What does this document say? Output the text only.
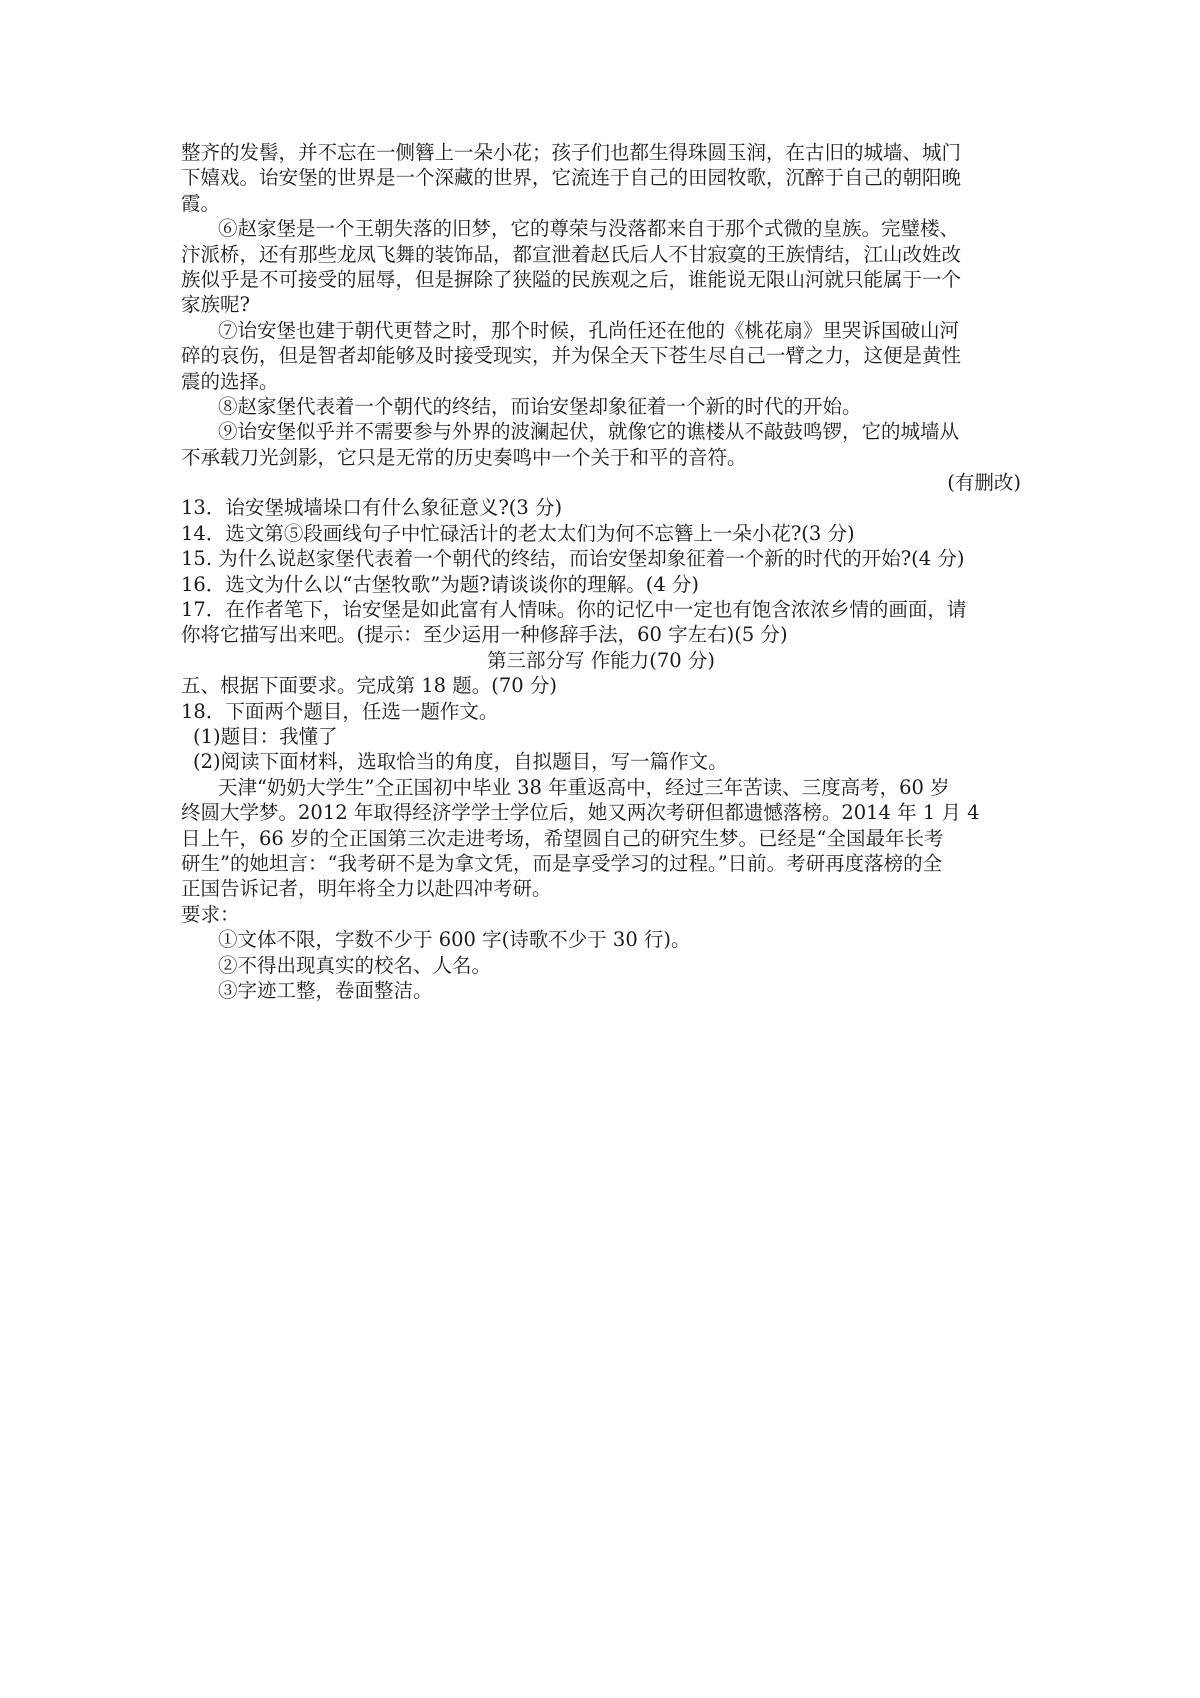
整齐的发髻，并不忘在一侧簪上一朵小花；孩子们也都生得珠圆玉润，在古旧的城墙、城门
下嬉戏。诒安堡的世界是一个深藏的世界，它流连于自己的田园牧歌，沉醉于自己的朝阳晚
霞。
⑥赵家堡是一个王朝失落的旧梦，它的尊荣与没落都来自于那个式微的皇族。完璧楼、
汴派桥，还有那些龙凤飞舞的装饰品，都宣泄着赵氏后人不甘寂寞的王族情结，江山改姓改
族似乎是不可接受的屈辱，但是摒除了狭隘的民族观之后，谁能说无限山河就只能属于一个
家族呢?
⑦诒安堡也建于朝代更替之时，那个时候，孔尚任还在他的《桃花扇》里哭诉国破山河
碎的哀伤，但是智者却能够及时接受现实，并为保全天下苍生尽自己一臂之力，这便是黄性
震的选择。
⑧赵家堡代表着一个朝代的终结，而诒安堡却象征着一个新的时代的开始。
⑨诒安堡似乎并不需要参与外界的波澜起伏，就像它的谯楼从不敲鼓鸣锣，它的城墙从
不承载刀光剑影，它只是无常的历史奏鸣中一个关于和平的音符。
(有删改)
13．诒安堡城墙垛口有什么象征意义?(3 分)
14．选文第⑤段画线句子中忙碌活计的老太太们为何不忘簪上一朵小花?(3 分)
15. 为什么说赵家堡代表着一个朝代的终结，而诒安堡却象征着一个新的时代的开始?(4 分)
16．选文为什么以“古堡牧歌”为题?请谈谈你的理解。(4 分)
17．在作者笔下，诒安堡是如此富有人情味。你的记忆中一定也有饱含浓浓乡情的画面，请
你将它描写出来吧。(提示：至少运用一种修辞手法，60 字左右)(5 分)
第三部分写 作能力(70 分)
五、根据下面要求。完成第 18 题。(70 分)
18．下面两个题目，任选一题作文。
(1)题目：我懂了
(2)阅读下面材料，选取恰当的角度，自拟题目，写一篇作文。
天津“奶奶大学生”仝正国初中毕业 38 年重返高中，经过三年苦读、三度高考，60 岁
终圆大学梦。2012 年取得经济学学士学位后，她又两次考研但都遗憾落榜。2014 年 1 月 4
日上午，66 岁的仝正国第三次走进考场，希望圆自己的研究生梦。已经是“全国最年长考
研生”的她坦言：“我考研不是为拿文凭，而是享受学习的过程。”日前。考研再度落榜的全
正国告诉记者，明年将全力以赴四冲考研。
要求：
①文体不限，字数不少于 600 字(诗歌不少于 30 行)。
②不得出现真实的校名、人名。
③字迹工整，卷面整洁。
